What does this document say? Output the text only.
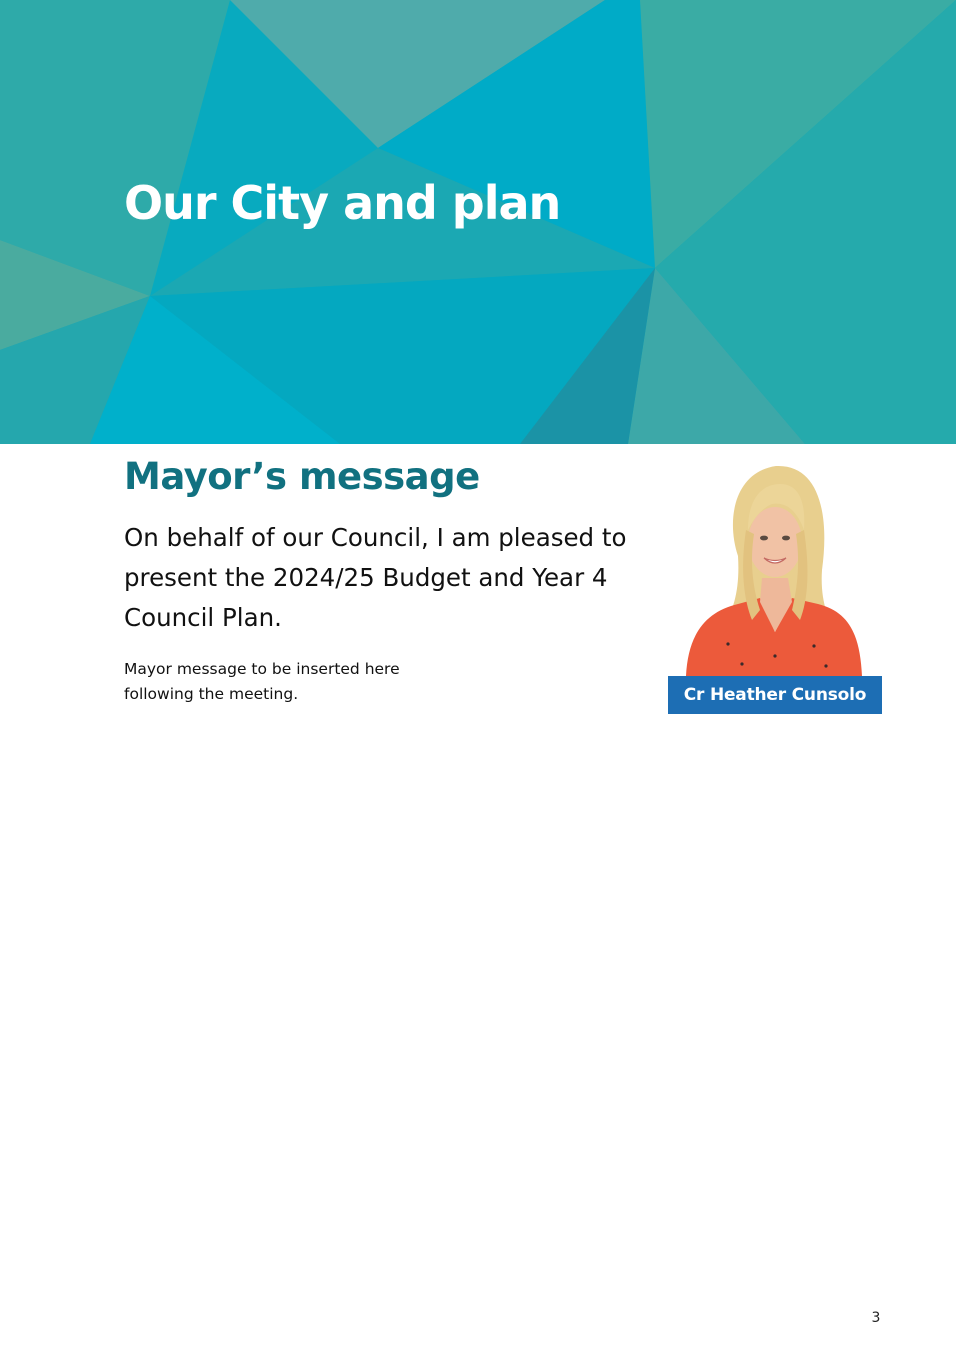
Our City and plan
Mayor’s message

On behalf of our Council, I am pleased to present the 2024/25 Budget and Year 4 Council Plan.

Mayor message to be inserted here following the meeting.	Cr Heather Cunsolo
3
